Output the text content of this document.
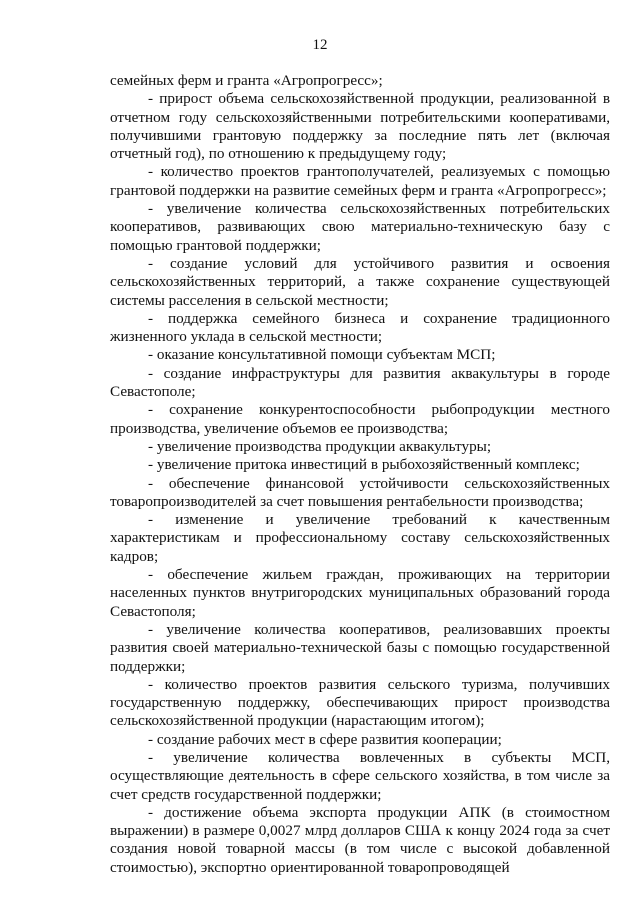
12

семейных ферм и гранта «Агропрогресс»;

- прирост объема сельскохозяйственной продукции, реализованной в отчетном году сельскохозяйственными потребительскими кооперативами, получившими грантовую поддержку за последние пять лет (включая отчетный год), по отношению к предыдущему году;

- количество проектов грантополучателей, реализуемых с помощью грантовой поддержки на развитие семейных ферм и гранта «Агропрогресс»;

- увеличение количества сельскохозяйственных потребительских кооперативов, развивающих свою материально-техническую базу с помощью грантовой поддержки;

- создание условий для устойчивого развития и освоения сельскохозяйственных территорий, а также сохранение существующей системы расселения в сельской местности;

- поддержка семейного бизнеса и сохранение традиционного жизненного уклада в сельской местности;

- оказание консультативной помощи субъектам МСП;

- создание инфраструктуры для развития аквакультуры в городе Севастополе;

- сохранение конкурентоспособности рыбопродукции местного производства, увеличение объемов ее производства;

- увеличение производства продукции аквакультуры;

- увеличение притока инвестиций в рыбохозяйственный комплекс;

- обеспечение финансовой устойчивости сельскохозяйственных товаропроизводителей за счет повышения рентабельности производства;

- изменение и увеличение требований к качественным характеристикам и профессиональному составу сельскохозяйственных кадров;

- обеспечение жильем граждан, проживающих на территории населенных пунктов внутригородских муниципальных образований города Севастополя;

- увеличение количества кооперативов, реализовавших проекты развития своей материально-технической базы с помощью государственной поддержки;

- количество проектов развития сельского туризма, получивших государственную поддержку, обеспечивающих прирост производства сельскохозяйственной продукции (нарастающим итогом);

- создание рабочих мест в сфере развития кооперации;

- увеличение количества вовлеченных в субъекты МСП, осуществляющие деятельность в сфере сельского хозяйства, в том числе за счет средств государственной поддержки;

- достижение объема экспорта продукции АПК (в стоимостном выражении) в размере 0,0027 млрд долларов США к концу 2024 года за счет создания новой товарной массы (в том числе с высокой добавленной стоимостью), экспортно ориентированной товаропроводящей
